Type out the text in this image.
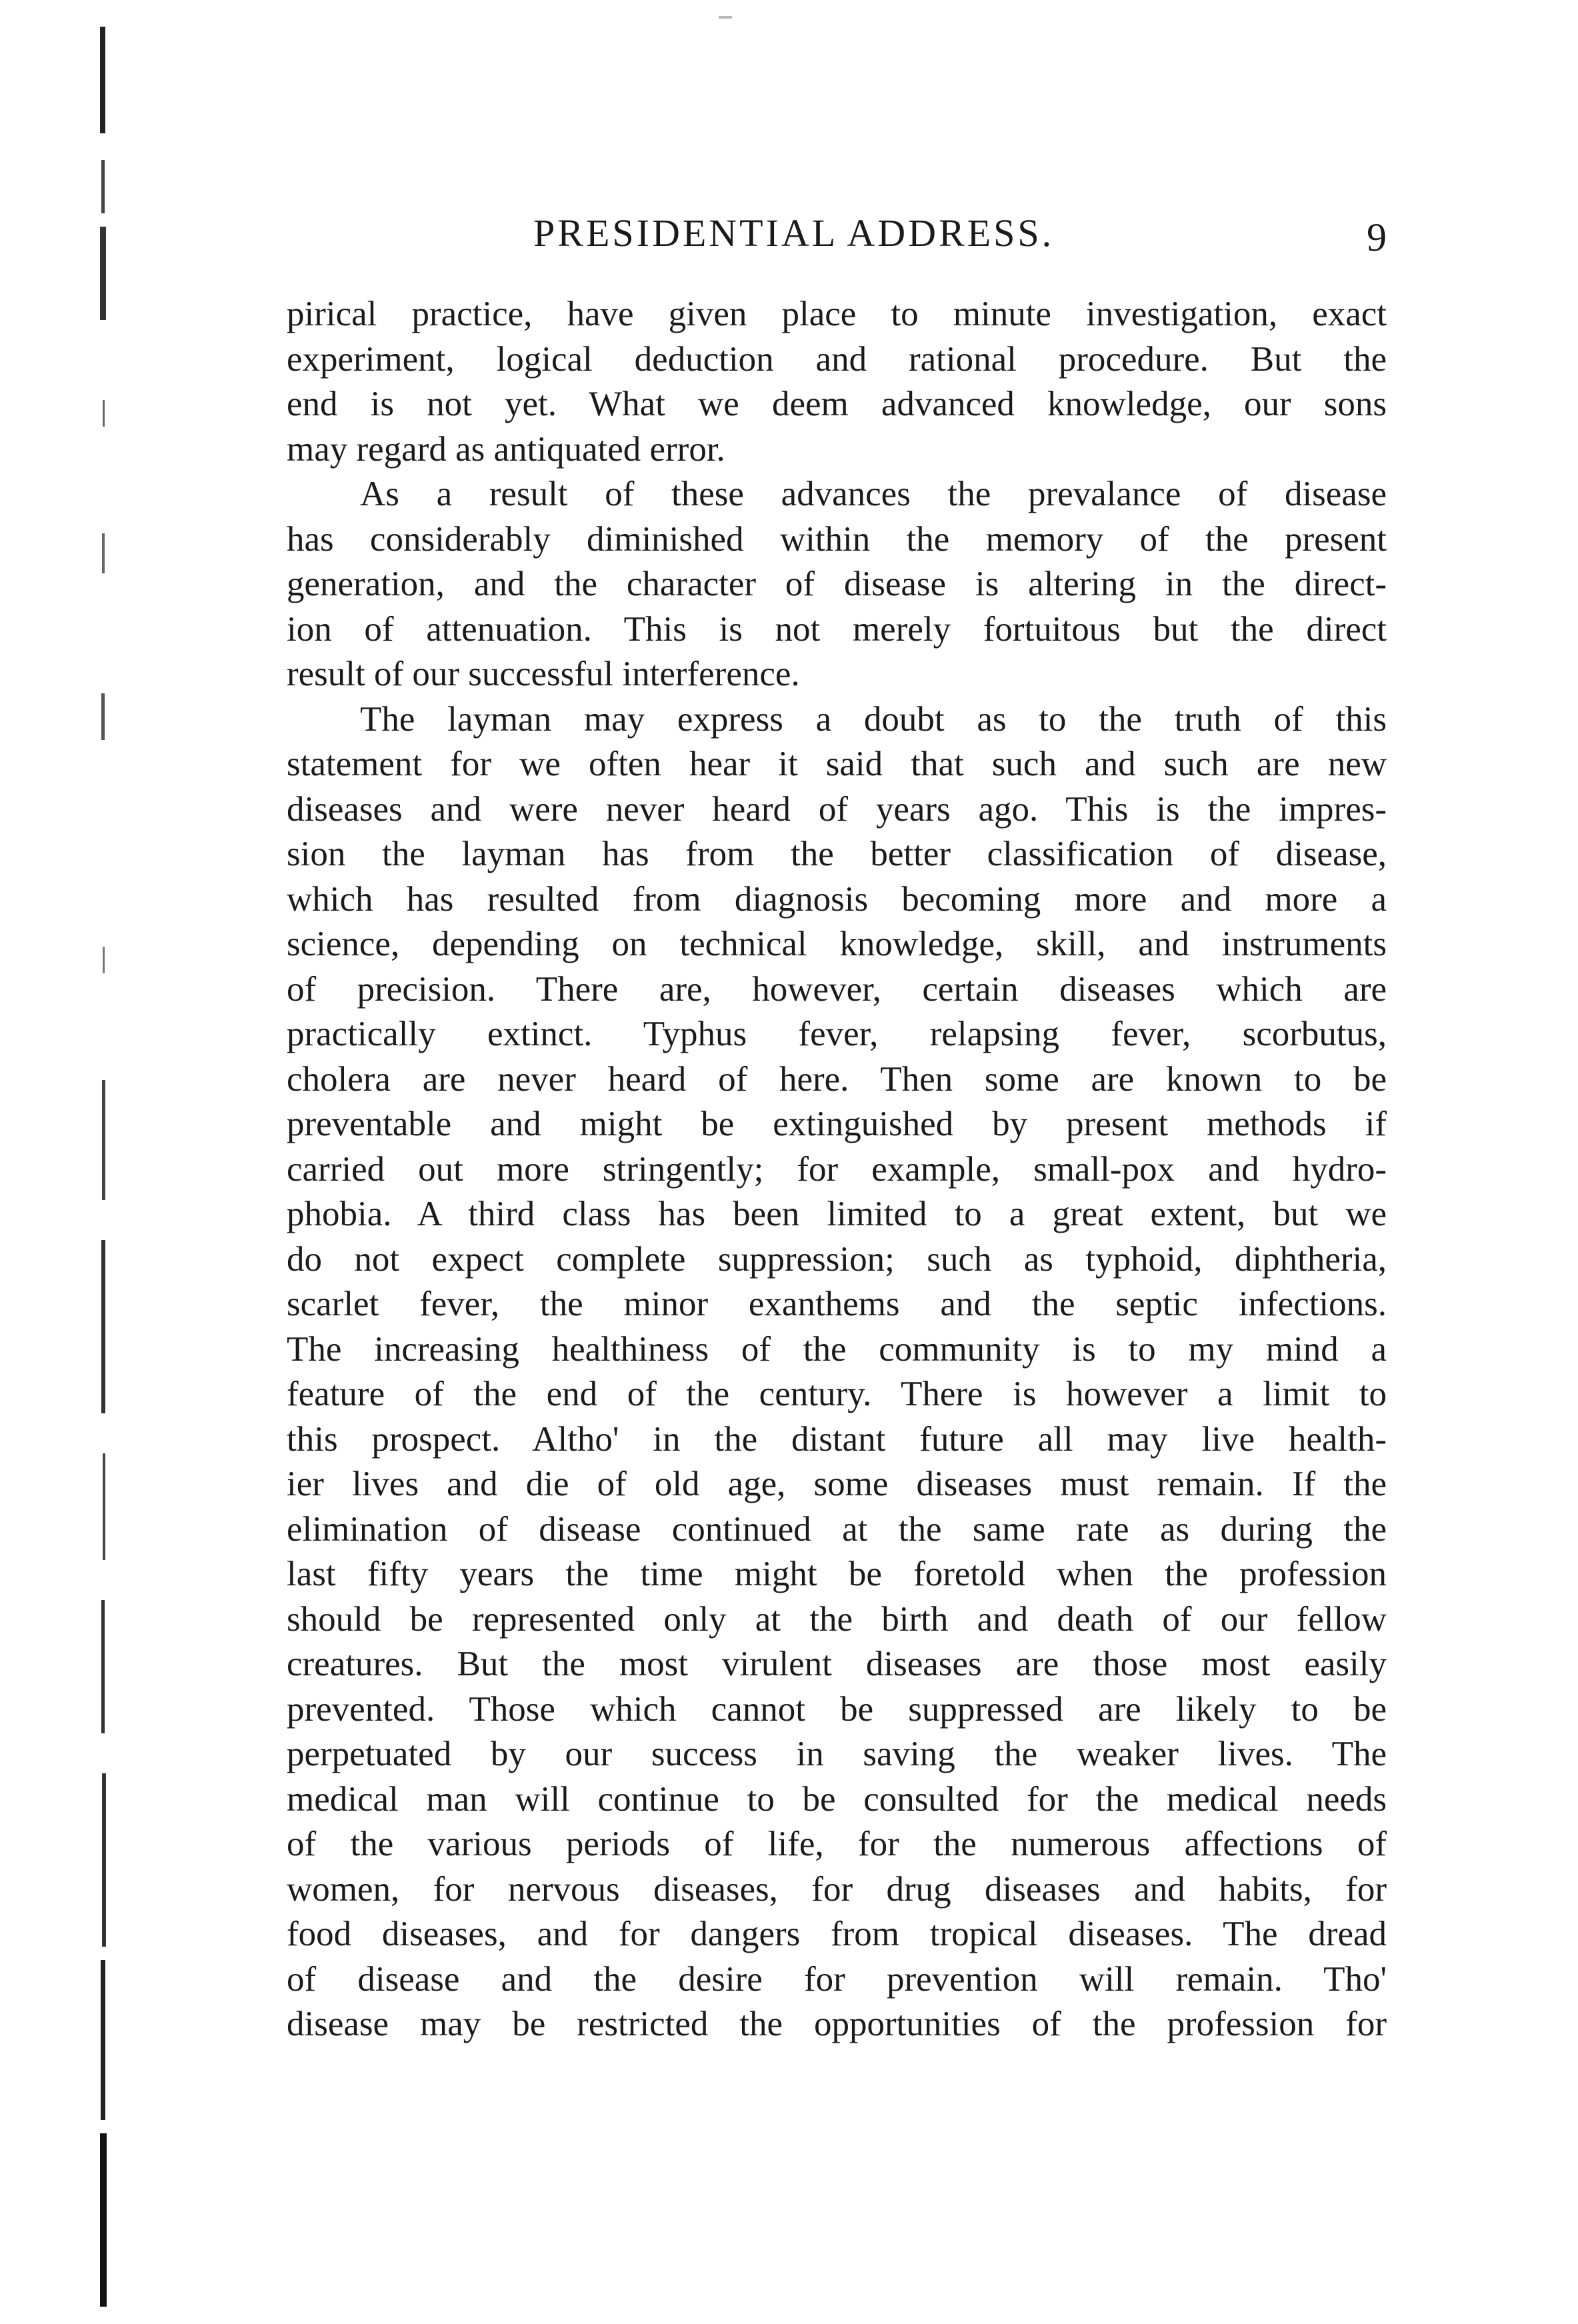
PRESIDENTIAL ADDRESS.	9
pirical practice, have given place to minute investigation, exact
experiment, logical deduction and rational procedure. But the
end is not yet. What we deem advanced knowledge, our sons
may regard as antiquated error.
As a result of these advances the prevalance of disease
has considerably diminished within the memory of the present
generation, and the character of disease is altering in the direct-
ion of attenuation. This is not merely fortuitous but the direct
result of our successful interference.
The layman may express a doubt as to the truth of this
statement for we often hear it said that such and such are new
diseases and were never heard of years ago. This is the impres-
sion the layman has from the better classification of disease,
which has resulted from diagnosis becoming more and more a
science, depending on technical knowledge, skill, and instruments
of precision. There are, however, certain diseases which are
practically extinct. Typhus fever, relapsing fever, scorbutus,
cholera are never heard of here. Then some are known to be
preventable and might be extinguished by present methods if
carried out more stringently; for example, small-pox and hydro-
phobia. A third class has been limited to a great extent, but we
do not expect complete suppression; such as typhoid, diphtheria,
scarlet fever, the minor exanthems and the septic infections.
The increasing healthiness of the community is to my mind a
feature of the end of the century. There is however a limit to
this prospect. Altho' in the distant future all may live health-
ier lives and die of old age, some diseases must remain. If the
elimination of disease continued at the same rate as during the
last fifty years the time might be foretold when the profession
should be represented only at the birth and death of our fellow
creatures. But the most virulent diseases are those most easily
prevented. Those which cannot be suppressed are likely to be
perpetuated by our success in saving the weaker lives. The
medical man will continue to be consulted for the medical needs
of the various periods of life, for the numerous affections of
women, for nervous diseases, for drug diseases and habits, for
food diseases, and for dangers from tropical diseases. The dread
of disease and the desire for prevention will remain. Tho'
disease may be restricted the opportunities of the profession for
